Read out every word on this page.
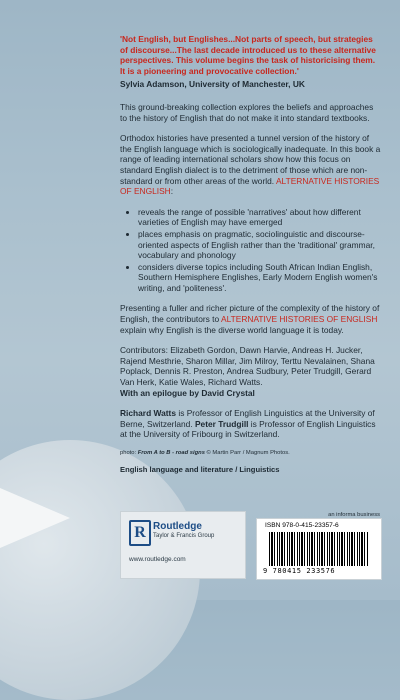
'Not English, but Englishes...Not parts of speech, but strategies of discourse...The last decade introduced us to these alternative perspectives. This volume begins the task of historicising them. It is a pioneering and provocative collection.'

Sylvia Adamson, University of Manchester, UK

This ground-breaking collection explores the beliefs and approaches to the history of English that do not make it into standard textbooks.

Orthodox histories have presented a tunnel version of the history of the English language which is sociologically inadequate. In this book a range of leading international scholars show how this focus on standard English dialect is to the detriment of those which are non-standard or from other areas of the world. ALTERNATIVE HISTORIES OF ENGLISH:

• reveals the range of possible 'narratives' about how different varieties of English may have emerged
• places emphasis on pragmatic, sociolinguistic and discourse-oriented aspects of English rather than the 'traditional' grammar, vocabulary and phonology
• considers diverse topics including South African Indian English, Southern Hemisphere Englishes, Early Modern English women's writing, and 'politeness'.

Presenting a fuller and richer picture of the complexity of the history of English, the contributors to ALTERNATIVE HISTORIES OF ENGLISH explain why English is the diverse world language it is today.

Contributors: Elizabeth Gordon, Dawn Harvie, Andreas H. Jucker, Rajend Mesthrie, Sharon Millar, Jim Milroy, Terttu Nevalainen, Shana Poplack, Dennis R. Preston, Andrea Sudbury, Peter Trudgill, Gerard Van Herk, Katie Wales, Richard Watts.

With an epilogue by David Crystal

Richard Watts is Professor of English Linguistics at the University of Berne, Switzerland. Peter Trudgill is Professor of English Linguistics at the University of Fribourg in Switzerland.

photo: From A to B - road signs © Martin Parr / Magnum Photos.
English language and literature / Linguistics
R Routledge
Taylor & Francis Group
www.routledge.com
an informa business
ISBN 978-0-415-23357-6
9 780415 233576
